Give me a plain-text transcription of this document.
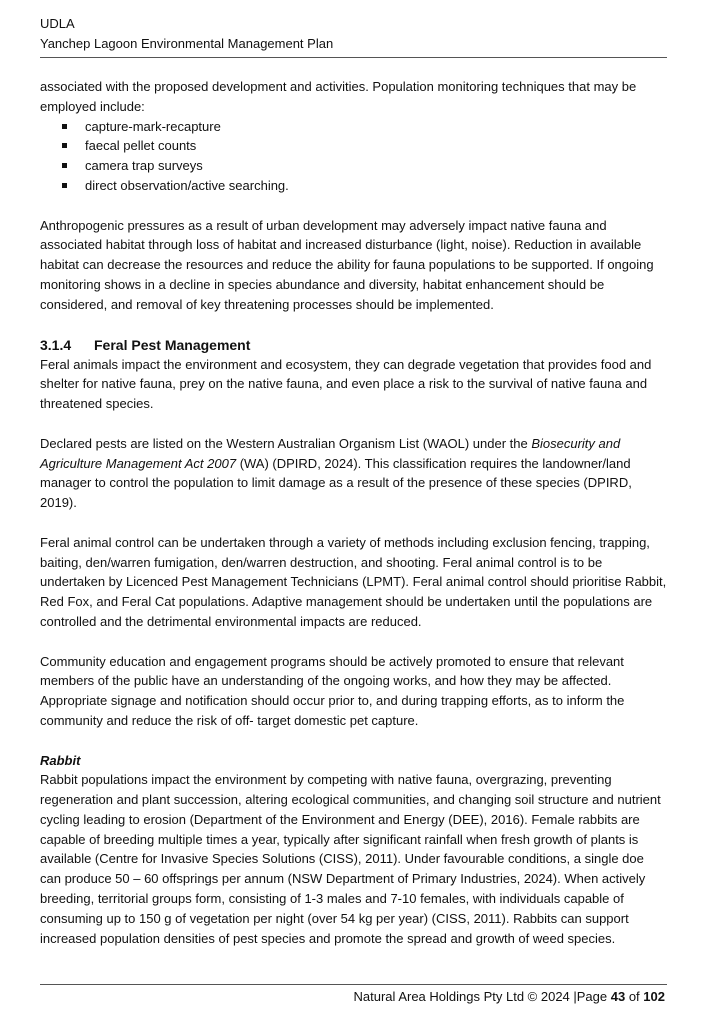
UDLA
Yanchep Lagoon Environmental Management Plan

associated with the proposed development and activities. Population monitoring techniques that may be employed include:

capture-mark-recapture
faecal pellet counts
camera trap surveys
direct observation/active searching.

Anthropogenic pressures as a result of urban development may adversely impact native fauna and associated habitat through loss of habitat and increased disturbance (light, noise). Reduction in available habitat can decrease the resources and reduce the ability for fauna populations to be supported. If ongoing monitoring shows in a decline in species abundance and diversity, habitat enhancement should be considered, and removal of key threatening processes should be implemented.

3.1.4 Feral Pest Management

Feral animals impact the environment and ecosystem, they can degrade vegetation that provides food and shelter for native fauna, prey on the native fauna, and even place a risk to the survival of native fauna and threatened species.

Declared pests are listed on the Western Australian Organism List (WAOL) under the Biosecurity and Agriculture Management Act 2007 (WA) (DPIRD, 2024). This classification requires the landowner/land manager to control the population to limit damage as a result of the presence of these species (DPIRD, 2019).

Feral animal control can be undertaken through a variety of methods including exclusion fencing, trapping, baiting, den/warren fumigation, den/warren destruction, and shooting. Feral animal control is to be undertaken by Licenced Pest Management Technicians (LPMT). Feral animal control should prioritise Rabbit, Red Fox, and Feral Cat populations. Adaptive management should be undertaken until the populations are controlled and the detrimental environmental impacts are reduced.

Community education and engagement programs should be actively promoted to ensure that relevant members of the public have an understanding of the ongoing works, and how they may be affected. Appropriate signage and notification should occur prior to, and during trapping efforts, as to inform the community and reduce the risk of off- target domestic pet capture.

Rabbit

Rabbit populations impact the environment by competing with native fauna, overgrazing, preventing regeneration and plant succession, altering ecological communities, and changing soil structure and nutrient cycling leading to erosion (Department of the Environment and Energy (DEE), 2016). Female rabbits are capable of breeding multiple times a year, typically after significant rainfall when fresh growth of plants is available (Centre for Invasive Species Solutions (CISS), 2011). Under favourable conditions, a single doe can produce 50 – 60 offsprings per annum (NSW Department of Primary Industries, 2024). When actively breeding, territorial groups form, consisting of 1-3 males and 7-10 females, with individuals capable of consuming up to 150 g of vegetation per night (over 54 kg per year) (CISS, 2011). Rabbits can support increased population densities of pest species and promote the spread and growth of weed species.

Natural Area Holdings Pty Ltd © 2024 |Page 43 of 102
